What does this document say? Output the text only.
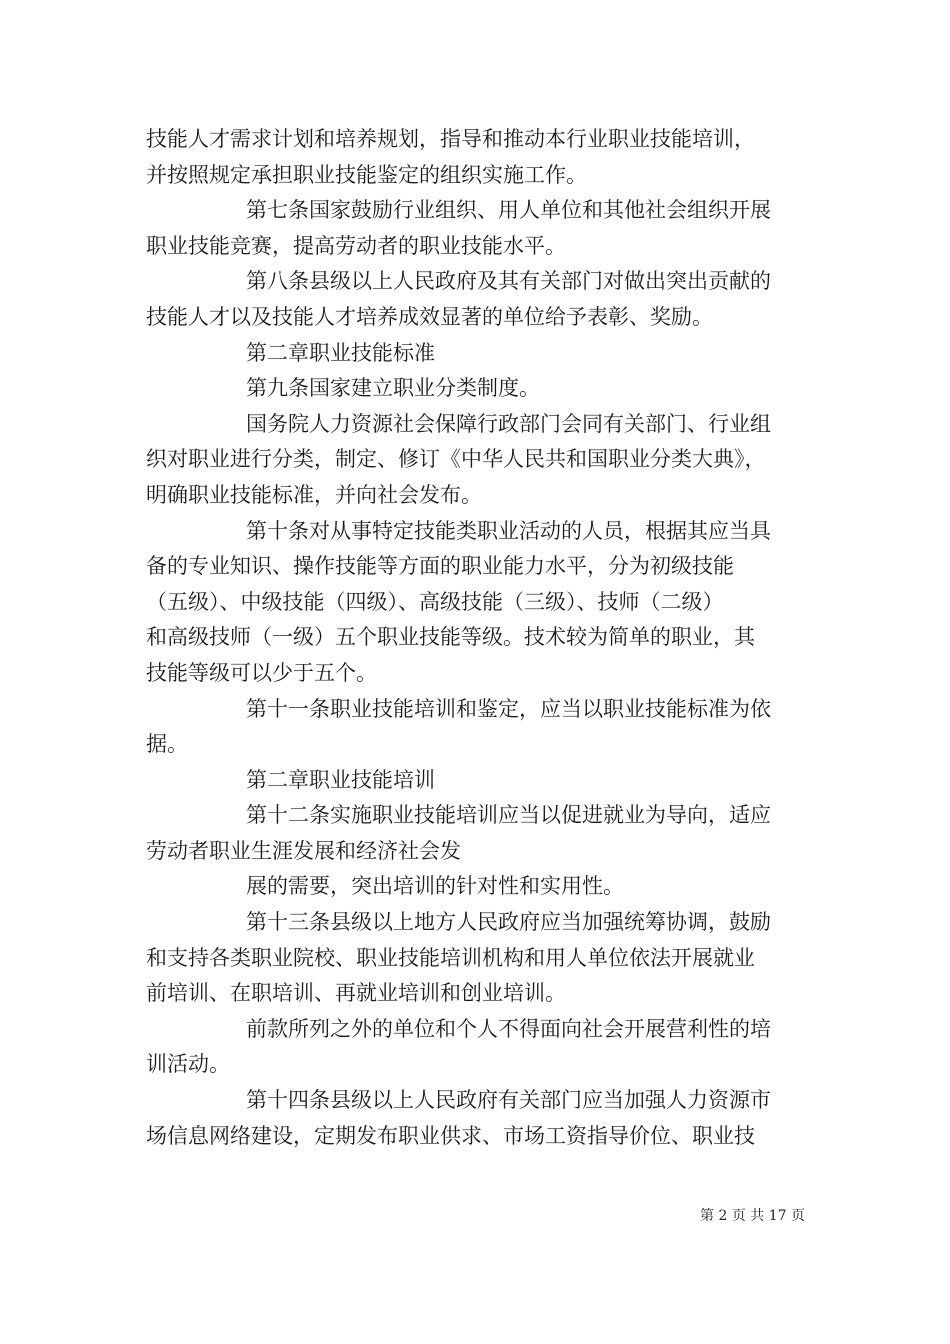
技能人才需求计划和培养规划，指导和推动本行业职业技能培训，

并按照规定承担职业技能鉴定的组织实施工作。

第七条国家鼓励行业组织、用人单位和其他社会组织开展

职业技能竞赛，提高劳动者的职业技能水平。

第八条县级以上人民政府及其有关部门对做出突出贡献的

技能人才以及技能人才培养成效显著的单位给予表彰、奖励。

第二章职业技能标准

第九条国家建立职业分类制度。

国务院人力资源社会保障行政部门会同有关部门、行业组

织对职业进行分类，制定、修订《中华人民共和国职业分类大典》，

明确职业技能标准，并向社会发布。

第十条对从事特定技能类职业活动的人员，根据其应当具

备的专业知识、操作技能等方面的职业能力水平，分为初级技能

（五级）、中级技能（四级）、高级技能（三级）、技师（二级）

和高级技师（一级）五个职业技能等级。技术较为简单的职业，其

技能等级可以少于五个。

第十一条职业技能培训和鉴定，应当以职业技能标准为依

据。

第二章职业技能培训

第十二条实施职业技能培训应当以促进就业为导向，适应

劳动者职业生涯发展和经济社会发

展的需要，突出培训的针对性和实用性。

第十三条县级以上地方人民政府应当加强统筹协调，鼓励

和支持各类职业院校、职业技能培训机构和用人单位依法开展就业

前培训、在职培训、再就业培训和创业培训。

前款所列之外的单位和个人不得面向社会开展营利性的培

训活动。

第十四条县级以上人民政府有关部门应当加强人力资源市

场信息网络建设，定期发布职业供求、市场工资指导价位、职业技

第 2 页 共 17 页
